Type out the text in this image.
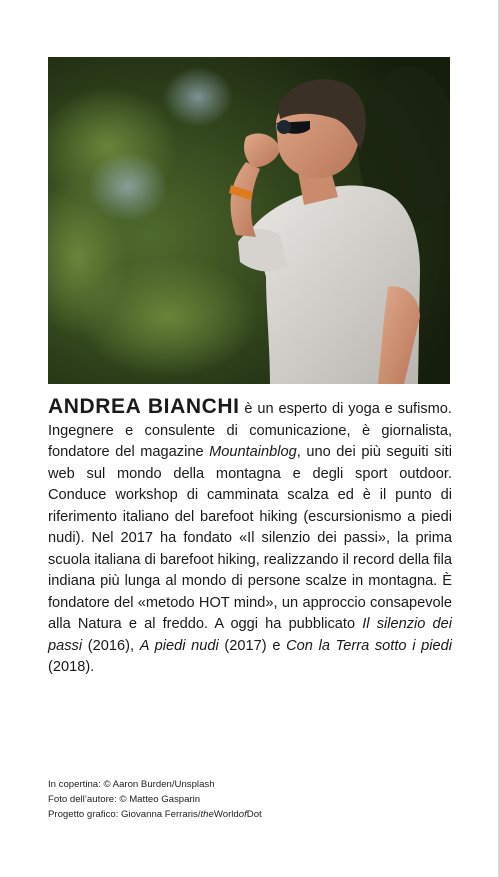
ANDREA BIANCHI è un esperto di yoga e sufismo. Ingegnere e consulente di comunicazione, è giornalista, fondatore del magazine Mountainblog, uno dei più seguiti siti web sul mondo della montagna e degli sport outdoor. Conduce workshop di camminata scalza ed è il punto di riferimento italiano del barefoot hiking (escursionismo a piedi nudi). Nel 2017 ha fondato «Il silenzio dei passi», la prima scuola italiana di barefoot hiking, realizzando il record della fila indiana più lunga al mondo di persone scalze in montagna. È fondatore del «metodo HOT mind», un approccio consapevole alla Natura e al freddo. A oggi ha pubblicato Il silenzio dei passi (2016), A piedi nudi (2017) e Con la Terra sotto i piedi (2018).

In copertina: © Aaron Burden/Unsplash
Foto dell’autore: © Matteo Gasparin
Progetto grafico: Giovanna Ferraris/theWorldofDot
